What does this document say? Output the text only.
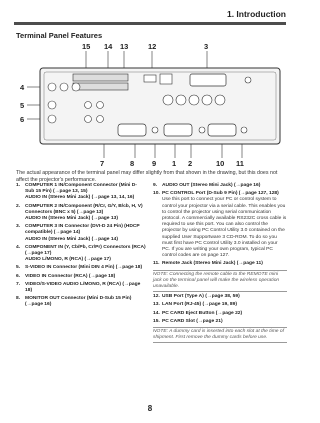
1. Introduction
Terminal Panel Features
15 14 13	12	3
4
5
6
7	8 9 1 2	10 11
The actual appearance of the terminal panel may differ slightly from that shown in the drawing, but this does not affect the projector's performance.
1.	COMPUTER 1 IN/Component Connector (Mini D-Sub 15 Pin) (→page 13, 15)
AUDIO IN (Stereo Mini Jack) (→page 13, 14, 16)
2.	COMPUTER 2 IN/Component (R/Cr, G/Y, B/cb, H, V) Connectors (BNC x 5) (→page 13)
AUDIO IN (Stereo Mini Jack) (→page 13)
3.	COMPUTER 3 IN Connector (DVI-D 24 Pin) (HDCP compatible) (→page 14)
AUDIO IN (Stereo Mini Jack) (→page 14)
4.	COMPONENT IN (Y, Cb/Pb, Cr/Pr) Connectors (RCA) (→page 17)
AUDIO L/MONO, R (RCA) (→page 17)
5.	S-VIDEO IN Connector (Mini DIN 4 Pin) (→page 18)
6.	VIDEO IN Connector (RCA) (→page 18)
7.	VIDEO/S-VIDEO AUDIO L/MONO, R (RCA) (→page 18)
8.	MONITOR OUT Connector (Mini D-Sub 15 Pin) (→page 16)
9.	AUDIO OUT (Stereo Mini Jack) (→page 16)
10. PC CONTROL Port (D-Sub 9 Pin) (→page 127, 128)
Use this port to connect your PC or control system to control your projector via a serial cable. This enables you to control the projector using serial communication protocol. A commercially available RS232C cross cable is required to use this port. You can also control the projector by using PC Control Utility 3.0 contained on the supplied User Supportware 3 CD-ROM. To do so you must first have PC Control Utility 3.0 installed on your PC. If you are writing your own program, typical PC control codes are on page 127.
11. Remote Jack (Stereo Mini Jack) (→page 11)
NOTE: Connecting the remote cable to the REMOTE mini jack on the terminal panel will make the wireless operation unavailable.
12. USB Port (Type A) (→page 38, 59)
13. LAN Port (RJ-45) (→page 19, 89)
14. PC CARD Eject Button (→page 22)
15. PC CARD Slot (→page 21)
NOTE: A dummy card is inserted into each slot at the time of shipment. First remove the dummy cards before use.
8
